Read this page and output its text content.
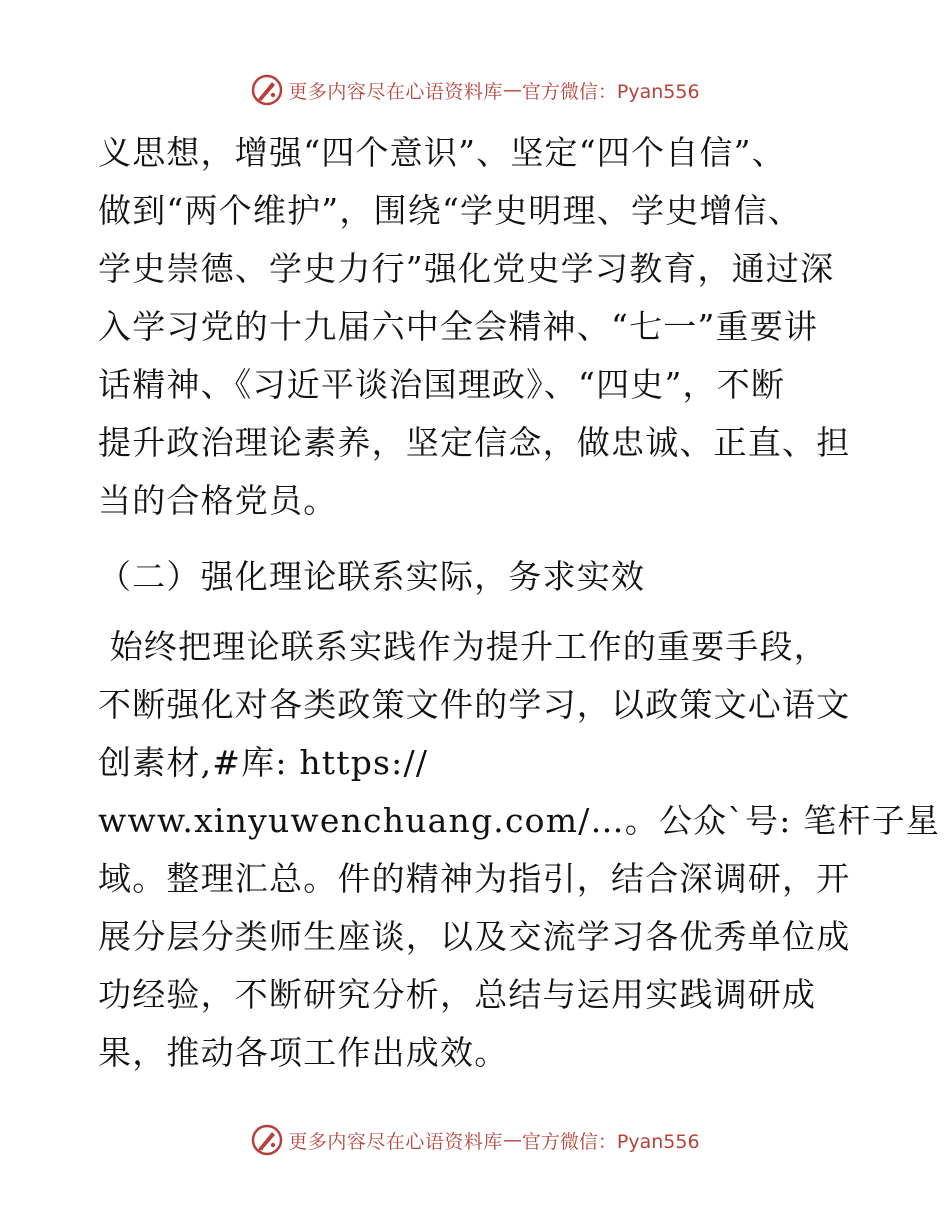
更多内容尽在心语资料库 — 官方微信：Pyan556

义思想，增强“四个意识”、坚定“四个自信”、
做到“两个维护”，围绕“学史明理、学史增信、
学史崇德、学史力行”强化党史学习教育，通过深
入学习党的十九届六中全会精神、“七一”重要讲
话精神、《习近平谈治国理政》、“四史”，不断
提升政治理论素养，坚定信念，做忠诚、正直、担
当的合格党员。

（二）强化理论联系实际，务求实效

始终把理论联系实践作为提升工作的重要手段，
不断强化对各类政策文件的学习，以政策文心语文
创素材,#库: https://
www.xinyuwenchuang.com/…。公众`号: 笔杆子星
域。整理汇总。件的精神为指引，结合深调研，开
展分层分类师生座谈，以及交流学习各优秀单位成
功经验，不断研究分析，总结与运用实践调研成
果，推动各项工作出成效。

更多内容尽在心语资料库 — 官方微信：Pyan556
